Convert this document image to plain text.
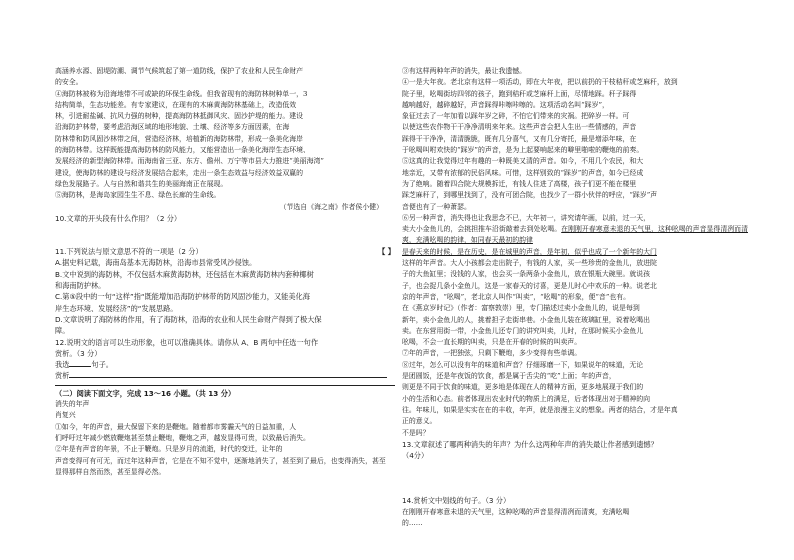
高涵养水源、固堤防潮、调节气候筑起了第一道防线，保护了农业和人民生命财产

的安全。

④海防林被称为沿海地带不可或缺的环保生命线。但我省现有的海防林树种单一，3

结构简单，生态功能差。有专家建议，在现有的木麻黄海防林基础上，改造低效

林，引进耐盐碱、抗风力强的树种，提高海防林抵御风灾、固沙护堤的能力。建设

沿海防护林带，要考虑沿海区域的地形地貌、土壤、经济等多方面因素，在海

防林带和防风固沙林带之间，营造经济林，培植新的海防林带，形成一条美化海岸

的海防林带。这样既能提高海防林的防风能力，又能营造出一条美化海岸生态环境、

发展经济的新型海防林带。而海南省三亚、东方、儋州、万宁等市县大力推进“美丽海湾”

建设，使海防林的建设与经济发展结合起来，走出一条生态效益与经济效益双赢的

绿色发展路子。人与自然和谐共生的美丽海南正在展现。

⑤海防林，是海岛家园生生不息、绿色长廊的生命线。

（节选自《海之南》作者侯小健）

10.文章的开头段有什么作用？（2 分）

11.下列说法与原文意思不符的一项是（2 分）	【 】

A.据史料记载，海南岛基本无海防林，沿海市县常受风沙侵蚀。

B.文中说到的海防林，不仅包括木麻黄海防林，还包括在木麻黄海防林内套种椰树

和海南防护林。

C.第⑤段中的一句“这样”指“既能增加沿海防护林带的防风固沙能力，又能美化海

岸生态环境、发展经济”的“发展思路。

D.文章说明了海防林的作用，有了海防林，沿海的农业和人民生命财产得到了极大保

障。

12.说明文的语言可以生动形象，也可以准确具体。请你从 A、B 两句中任选一句作

赏析。（3 分）

我选	句子。

赏析

（二）阅读下面文字，完成 13～16 小题。（共 13 分）

消失的年声

肖复兴

①如今，年的声音，最大保留下来的是鞭炮。随着都市雾霾天气的日益加重，人

们呼吁过年减少燃放鞭炮甚至禁止鞭炮，鞭炮之声，越发显得可贵，以致最后消失。

②年是有声音的年景，不止于鞭炮。只是岁月的流逝，时代的变迁，让年的

声音变得可有可无，而过年这种声音，它是在不知不觉中，逐渐地消失了，甚至到了最后，也变得消失，甚至

显得那样自然而然，甚至显得必然。

③有这样两种年声的消失，最让我遗憾。

④一是大年夜。老北京有这样一项活动，即在大年夜，把以前扔的干枝秸秆或芝麻秆，放到

院子里，吆喝街坊四邻的孩子，跑到秸秆或芝麻秆上面，尽情地踩。秆子踩得

越响越好，越碎越好，声音踩得咔嚓咔嚓的。这项活动名叫“踩岁”，

象征过去了一年加看以踩年岁之碎，不怕它们带来的灾祸。把碎岁一样。可

以使这些农作物干干净净清明来年来。这些声音会把人生出一些情感的，声音

踩得干干净净，清清脆脆，既有几分喜气，又有几分寄托，最是增添年味，在

于吆喝叫咐欢快的“踩岁”的声音，是为上起要响起来的噼里啪啦的鞭炮的前奏。

⑤这真的让我觉得过年有趣的一种既美又清的声音。如今，不用几个农民，和大

地亲近，又带有浓郁的民俗风味。可惜，这样别致的“踩岁”的声音，如今已经成

为了绝响。随着四合院大规模拆迁，有钱人住进了高楼，孩子们更不能在楼里

踩芝麻秆了，到哪里找到了，没有可团合院，也找少了一群小伙伴的呼应，“踩岁”声

音便也有了一种萧瑟。

⑥另一种声音，消失得也让我思念不已，大年初一，讲究请年画，以前，过一天，

卖大小金鱼儿的，会挑担推车沿街敲着去到处吆喝。在刚刚开春寒意未退的天气里，这种吆喝的声音显得清冽而清爽，充满吆喝的韵律，如同春天最初的韵律

是春天来的时候，是在历史，是在城里的声音，是年初，似乎也成了一个新年的大门

这样的年声音。大人小孩都会走出院子，有钱的人家，买一些珍贵的金鱼儿，放进院

子的大鱼缸里；没钱的人家，也会买一条两条小金鱼儿，放在银瓶大碗里。就说孩

子，也会捉几条小金鱼儿，这是一家春天的讨喜，更是儿时心中欢乐的一种。说老北

京的年声音，“吆喝”，老北京人叫作“叫卖”，“吆喝”的形象，便“音”也有。

在《燕京岁时记》（作者：富察敦崇）里，专门描述过卖小金鱼儿的，说是每到

新年，卖小金鱼儿的人，挑着担子走街串巷。小金鱼儿装在玻璃缸里，说着吆喝出

卖。在东营用街一带，小金鱼儿还专门的讲究叫卖，儿时，在那时候买小金鱼儿

吆喝，不会一直长期的叫卖，只是在开春的时候的叫卖声。

⑦年的声音，一把独弦，只剩下鞭炮，多少变得有些单调。

⑧过年，怎么可以没有年的味道和声音？仔细琢磨一下，如果说年的味道，无论

是团圆饭，还是年夜饭的饮食，都是属于舌尖的“吃”上面；年的声音，

则更是不同于饮食的味道，更多地是体现在人的精神方面，更多地展现于我们的

小的生活和心态。前者体现出农业时代的物质上的满足，后者体现出对于精神的向

往。年味儿，如果是实实在在的丰收，年声，就是浪漫主义的想象。两者的结合，才是年真

正的意义。

不是吗？

13.文章叙述了哪两种消失的年声？为什么这两种年声的消失最让作者感到遗憾？

（4分）

14.赏析文中划线的句子。（3 分）

在刚刚开春寒意未退的天气里，这种吆喝的声音显得清冽而清爽，充满吆喝

的……
